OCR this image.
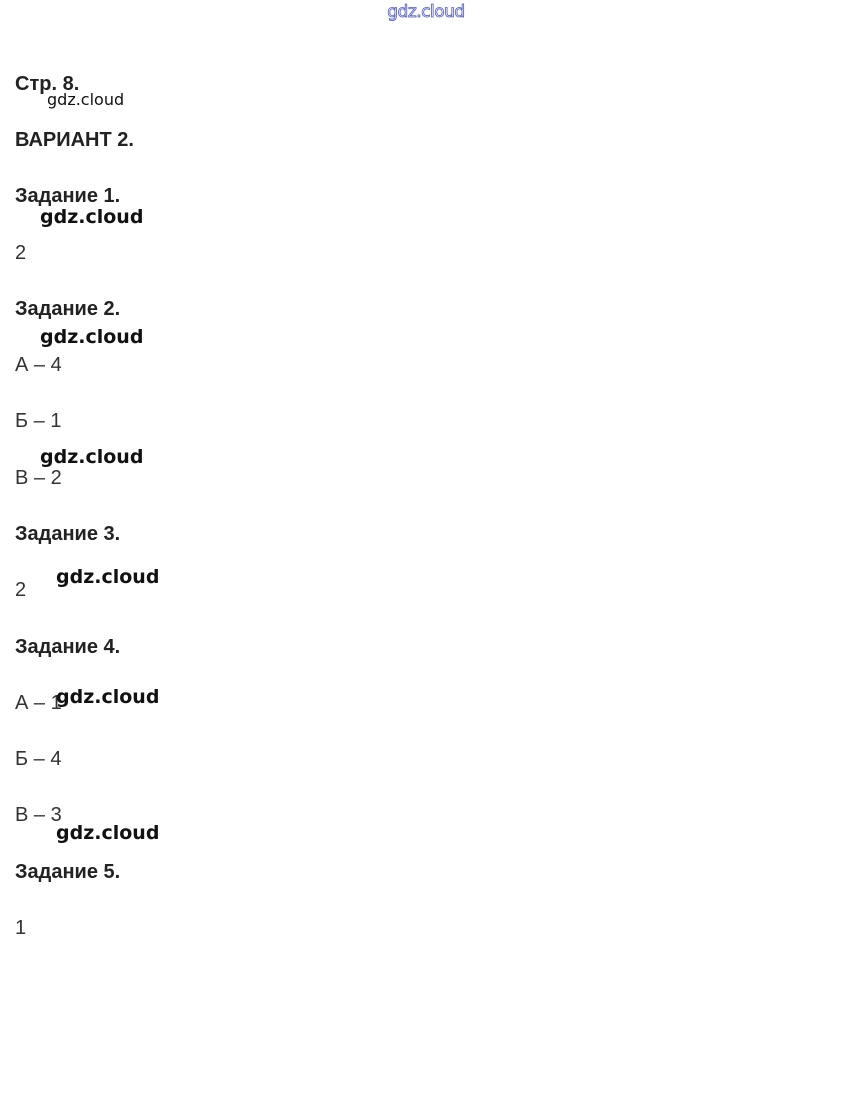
gdz.cloud
Стр. 8.
ВАРИАНТ 2.
Задание 1.
2
Задание 2.
А – 4
Б – 1
В – 2
Задание 3.
2
Задание 4.
А – 1
Б – 4
В – 3
Задание 5.
1
gdz.cloud
gdz.cloud
gdz.cloud
gdz.cloud
gdz.cloud
gdz.cloud
gdz.cloud
